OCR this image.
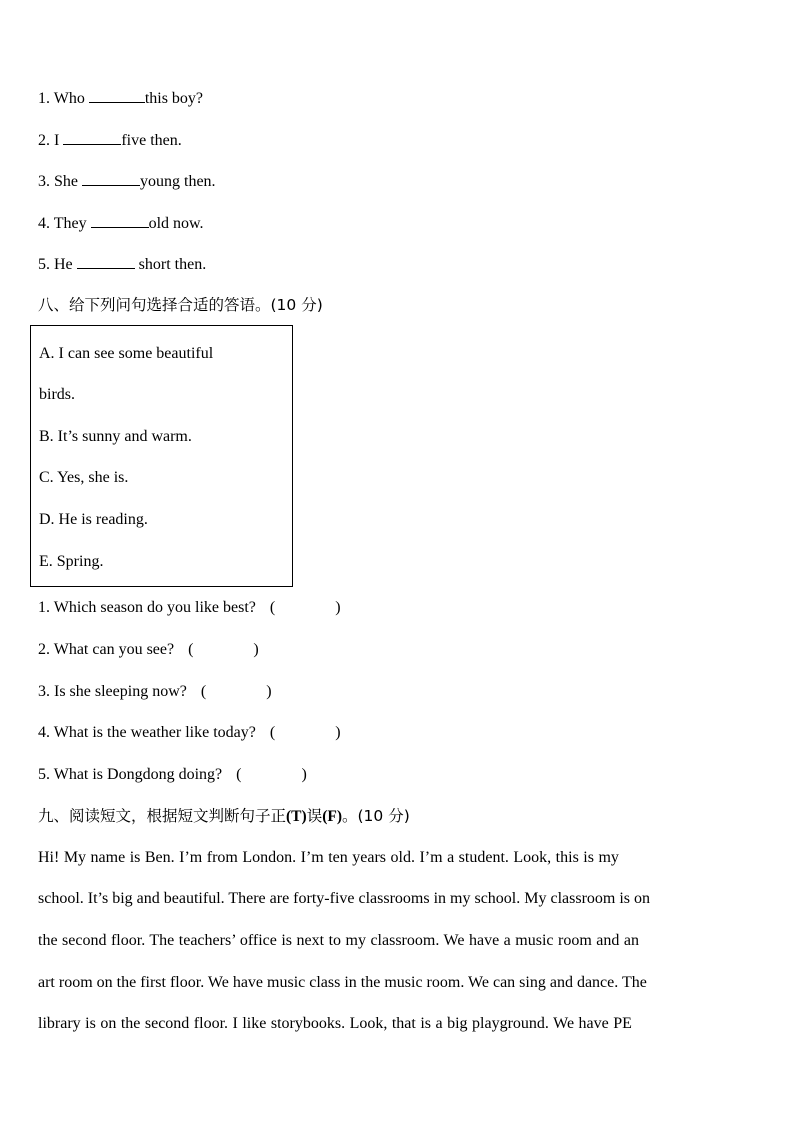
1. Who	this boy?
2. I	five then.
3. She	young then.
4. They	old now.
5. He	short then.
八、给下列问句选择合适的答语。(10 分)
A. I can see some beautiful
birds.
B. It’s sunny and warm.
C. Yes, she is.
D. He is reading.
E. Spring.
1. Which season do you like best? (	)
2. What can you see? (	)
3. Is she sleeping now? (	)
4. What is the weather like today? (	)
5. What is Dongdong doing? (	)
九、阅读短文，根据短文判断句子正(T)误(F)。(10 分)
Hi! My name is Ben. I’m from London. I’m ten years old. I’m a student. Look, this is my
school. It’s big and beautiful. There are forty-five classrooms in my school. My classroom is on
the second floor. The teachers’ office is next to my classroom. We have a music room and an
art room on the first floor. We have music class in the music room. We can sing and dance. The
library is on the second floor. I like storybooks. Look, that is a big playground. We have PE
